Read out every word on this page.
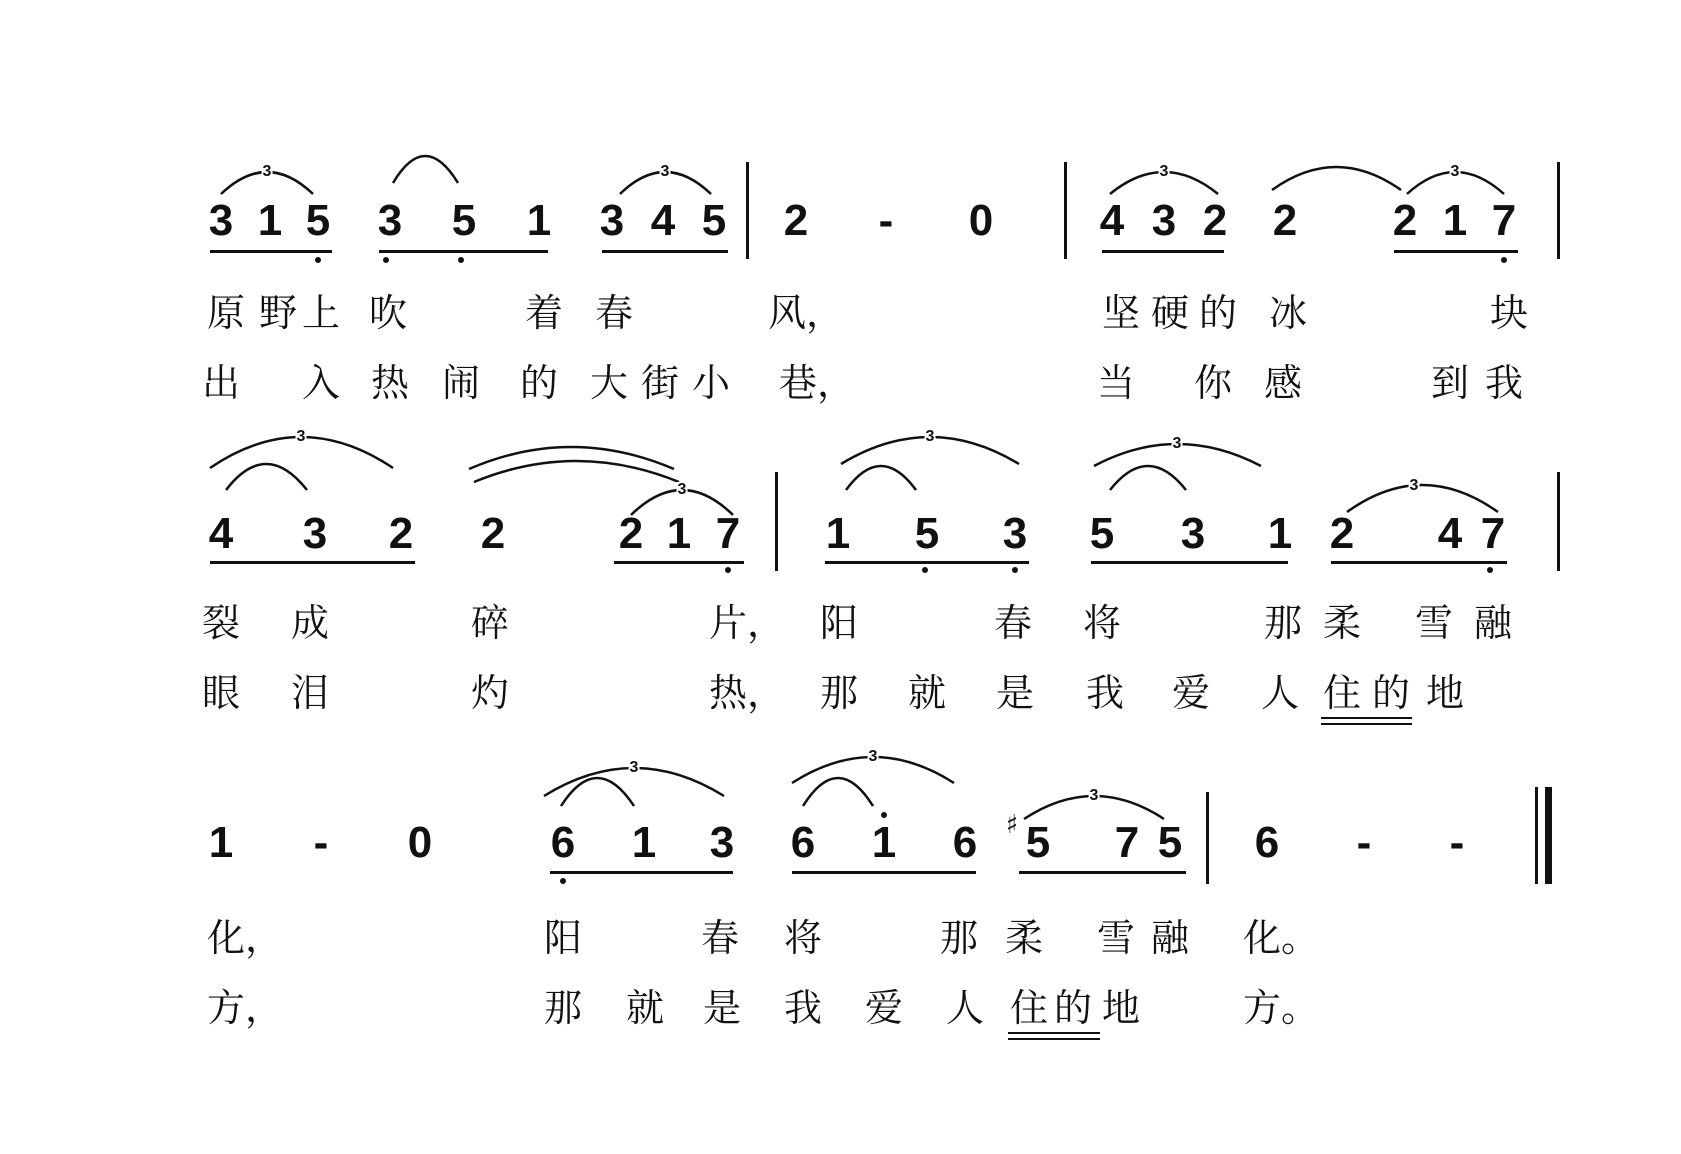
3	3	3	3
3
3
3	3
3
3
3
3
3 1 5 3 5 1 3 4 5 2 - 0 4 3 2 2 2 1 7
原 野 上 吹	着 春	风，	坚 硬 的 冰	块
出 入 热 闹 的 大 街 小 巷，	当 你 感	到 我
4 3 2 2	2 1 7 1 5 3 5 3 1 2 4 7
裂 成	碎	片， 阳	春 将	那 柔 雪 融
眼 泪	灼	热， 那 就 是 我 爱 人 住 的 地
1 - 0	6 1 3 6 1 6 ♯ 5 7 5 6 - -
化，	阳	春 将	那 柔 雪 融 化。
方，	那 就 是 我 爱 人 住 的 地	方。
